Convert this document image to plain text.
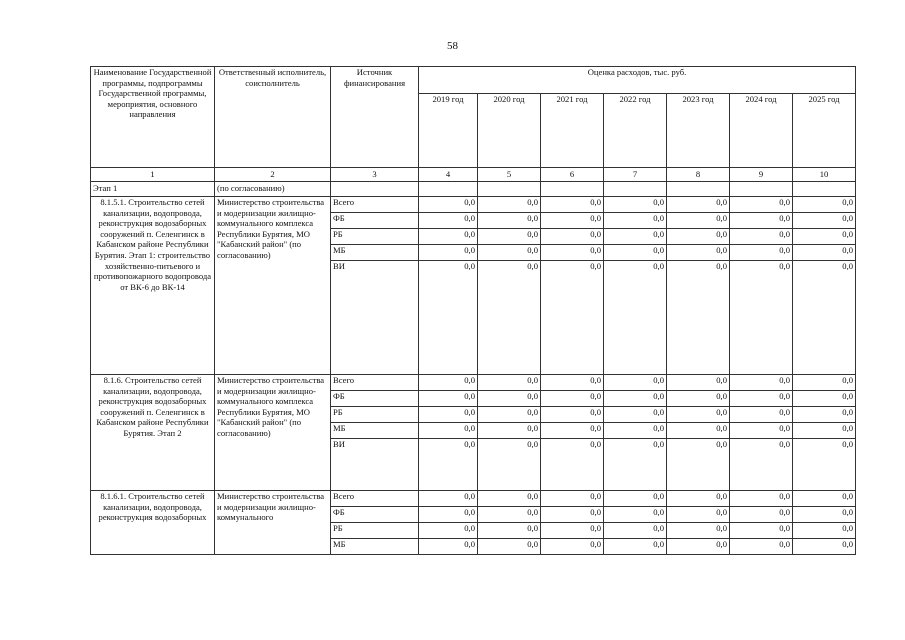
58
Наименование Государственной программы, подпрограммы Государственной программы, мероприятия, основного направления	Ответственный исполнитель, соисполнитель	Источник финансирования	Оценка расходов, тыс. руб.						
			2019 год	2020 год	2021 год	2022 год	2023 год	2024 год	2025 год
1	2	3	4	5	6	7	8	9	10
Этап 1	(по согласованию)								
8.1.5.1. Строительство сетей канализации, водопровода, реконструкция водозаборных сооружений п. Селенгинск в Кабанском районе Республики Бурятия. Этап 1: строительство хозяйственно-питьевого и противопожарного водопровода от ВК-6 до ВК-14	Министерство строительства и модернизации жилищно-коммунального комплекса Республики Бурятия, МО "Кабанский район" (по согласованию)	Всего	0,0	0,0	0,0	0,0	0,0	0,0	0,0
		ФБ	0,0	0,0	0,0	0,0	0,0	0,0	0,0
		РБ	0,0	0,0	0,0	0,0	0,0	0,0	0,0
		МБ	0,0	0,0	0,0	0,0	0,0	0,0	0,0
		ВИ	0,0	0,0	0,0	0,0	0,0	0,0	0,0
8.1.6. Строительство сетей канализации, водопровода, реконструкция водозаборных сооружений п. Селенгинск в Кабанском районе Республики Бурятия. Этап 2	Министерство строительства и модернизации жилищно-коммунального комплекса Республики Бурятия, МО "Кабанский район" (по согласованию)	Всего	0,0	0,0	0,0	0,0	0,0	0,0	0,0
		ФБ	0,0	0,0	0,0	0,0	0,0	0,0	0,0
		РБ	0,0	0,0	0,0	0,0	0,0	0,0	0,0
		МБ	0,0	0,0	0,0	0,0	0,0	0,0	0,0
		ВИ	0,0	0,0	0,0	0,0	0,0	0,0	0,0
8.1.6.1. Строительство сетей канализации, водопровода, реконструкция водозаборных	Министерство строительства и модернизации жилищно-коммунального	Всего	0,0	0,0	0,0	0,0	0,0	0,0	0,0
		ФБ	0,0	0,0	0,0	0,0	0,0	0,0	0,0
		РБ	0,0	0,0	0,0	0,0	0,0	0,0	0,0
		МБ	0,0	0,0	0,0	0,0	0,0	0,0	0,0
